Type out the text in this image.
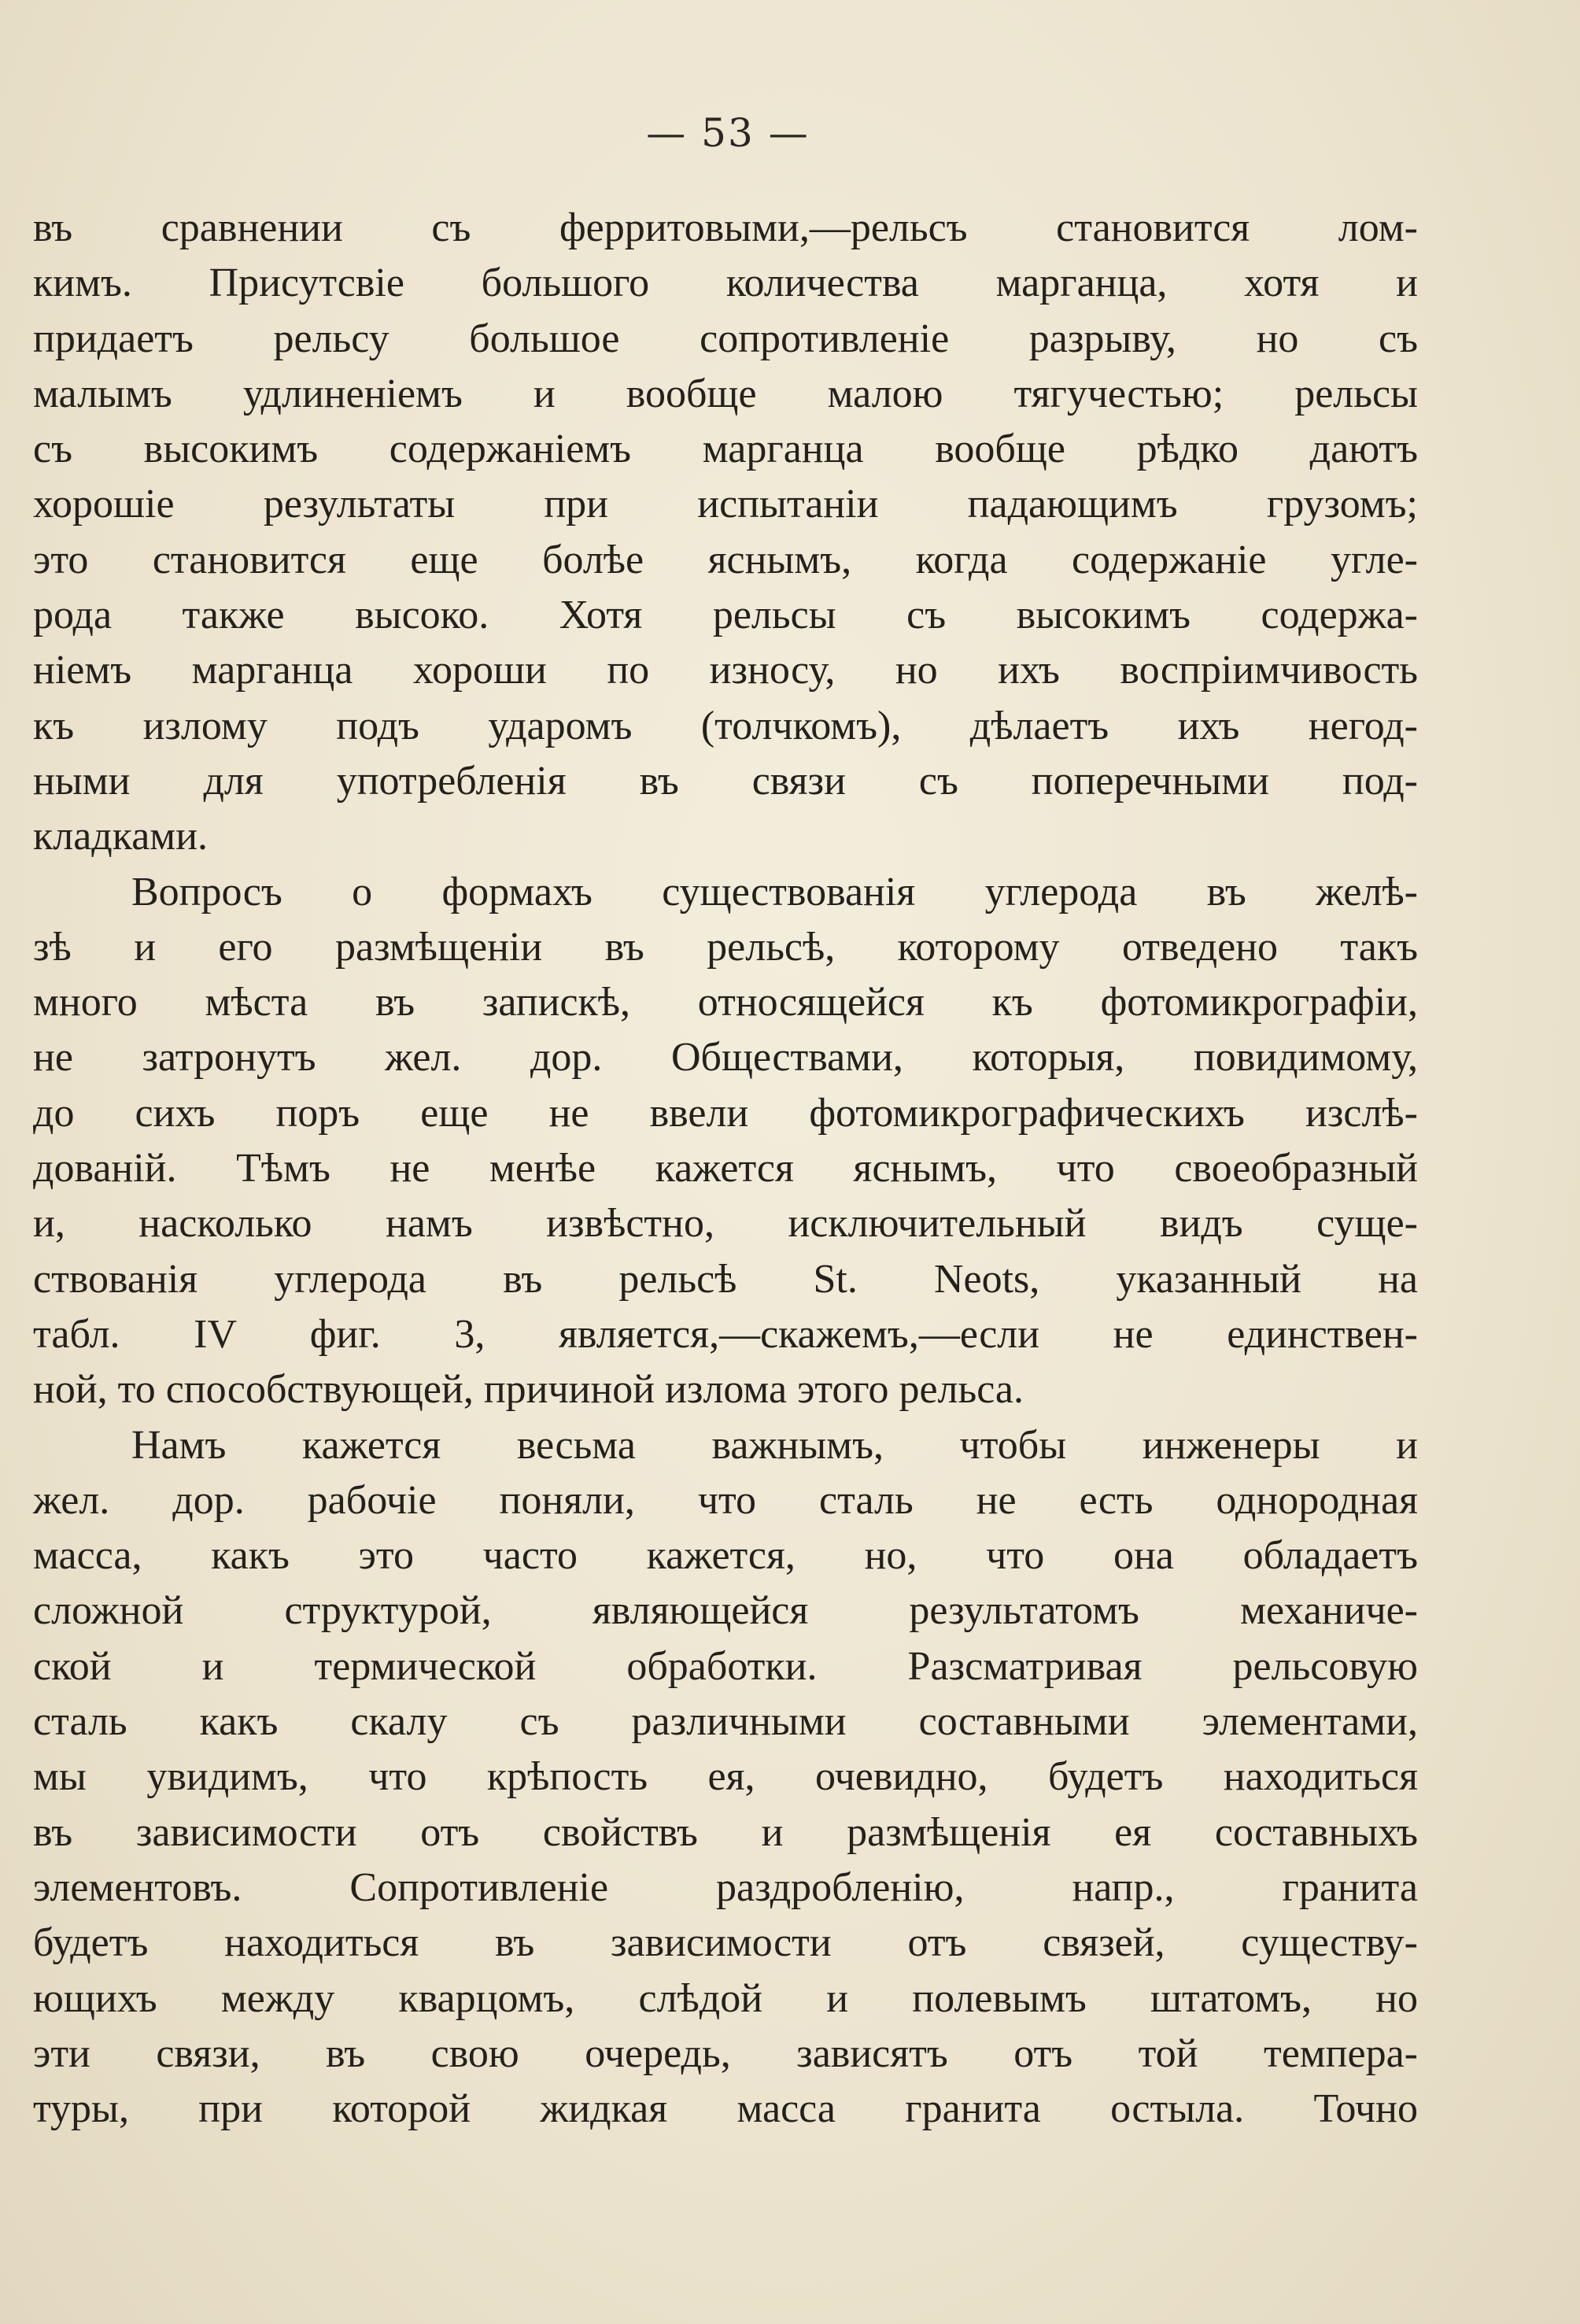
— 53 —
въ сравнении съ ферритовыми,—рельсъ становится лом-
кимъ. Присутсвіе большого количества марганца, хотя и
придаетъ рельсу большое сопротивленіе разрыву, но съ
малымъ удлиненіемъ и вообще малою тягучестью; рельсы
съ высокимъ содержаніемъ марганца вообще рѣдко даютъ
хорошіе результаты при испытаніи падающимъ грузомъ;
это становится еще болѣе яснымъ, когда содержаніе угле-
рода также высоко. Хотя рельсы съ высокимъ содержа-
ніемъ марганца хороши по износу, но ихъ воспріимчивость
къ излому подъ ударомъ (толчкомъ), дѣлаетъ ихъ негод-
ными для употребленія въ связи съ поперечными под-
кладками.
Вопросъ о формахъ существованія углерода въ желѣ-
зѣ и его размѣщеніи въ рельсѣ, которому отведено такъ
много мѣста въ запискѣ, относящейся къ фотомикрографіи,
не затронутъ жел. дор. Обществами, которыя, повидимому,
до сихъ поръ еще не ввели фотомикрографическихъ изслѣ-
дованій. Тѣмъ не менѣе кажется яснымъ, что своеобразный
и, насколько намъ извѣстно, исключительный видъ суще-
ствованія углерода въ рельсѣ St. Neots, указанный на
табл. IV фиг. 3, является,—скажемъ,—если не единствен-
ной, то способствующей, причиной излома этого рельса.
Намъ кажется весьма важнымъ, чтобы инженеры и
жел. дор. рабочіе поняли, что сталь не есть однородная
масса, какъ это часто кажется, но, что она обладаетъ
сложной структурой, являющейся результатомъ механиче-
ской и термической обработки. Разсматривая рельсовую
сталь какъ скалу съ различными составными элементами,
мы увидимъ, что крѣпость ея, очевидно, будетъ находиться
въ зависимости отъ свойствъ и размѣщенія ея составныхъ
элементовъ. Сопротивленіе раздробленію, напр., гранита
будетъ находиться въ зависимости отъ связей, существу-
ющихъ между кварцомъ, слѣдой и полевымъ штатомъ, но
эти связи, въ свою очередь, зависятъ отъ той темпера-
туры, при которой жидкая масса гранита остыла. Точно
